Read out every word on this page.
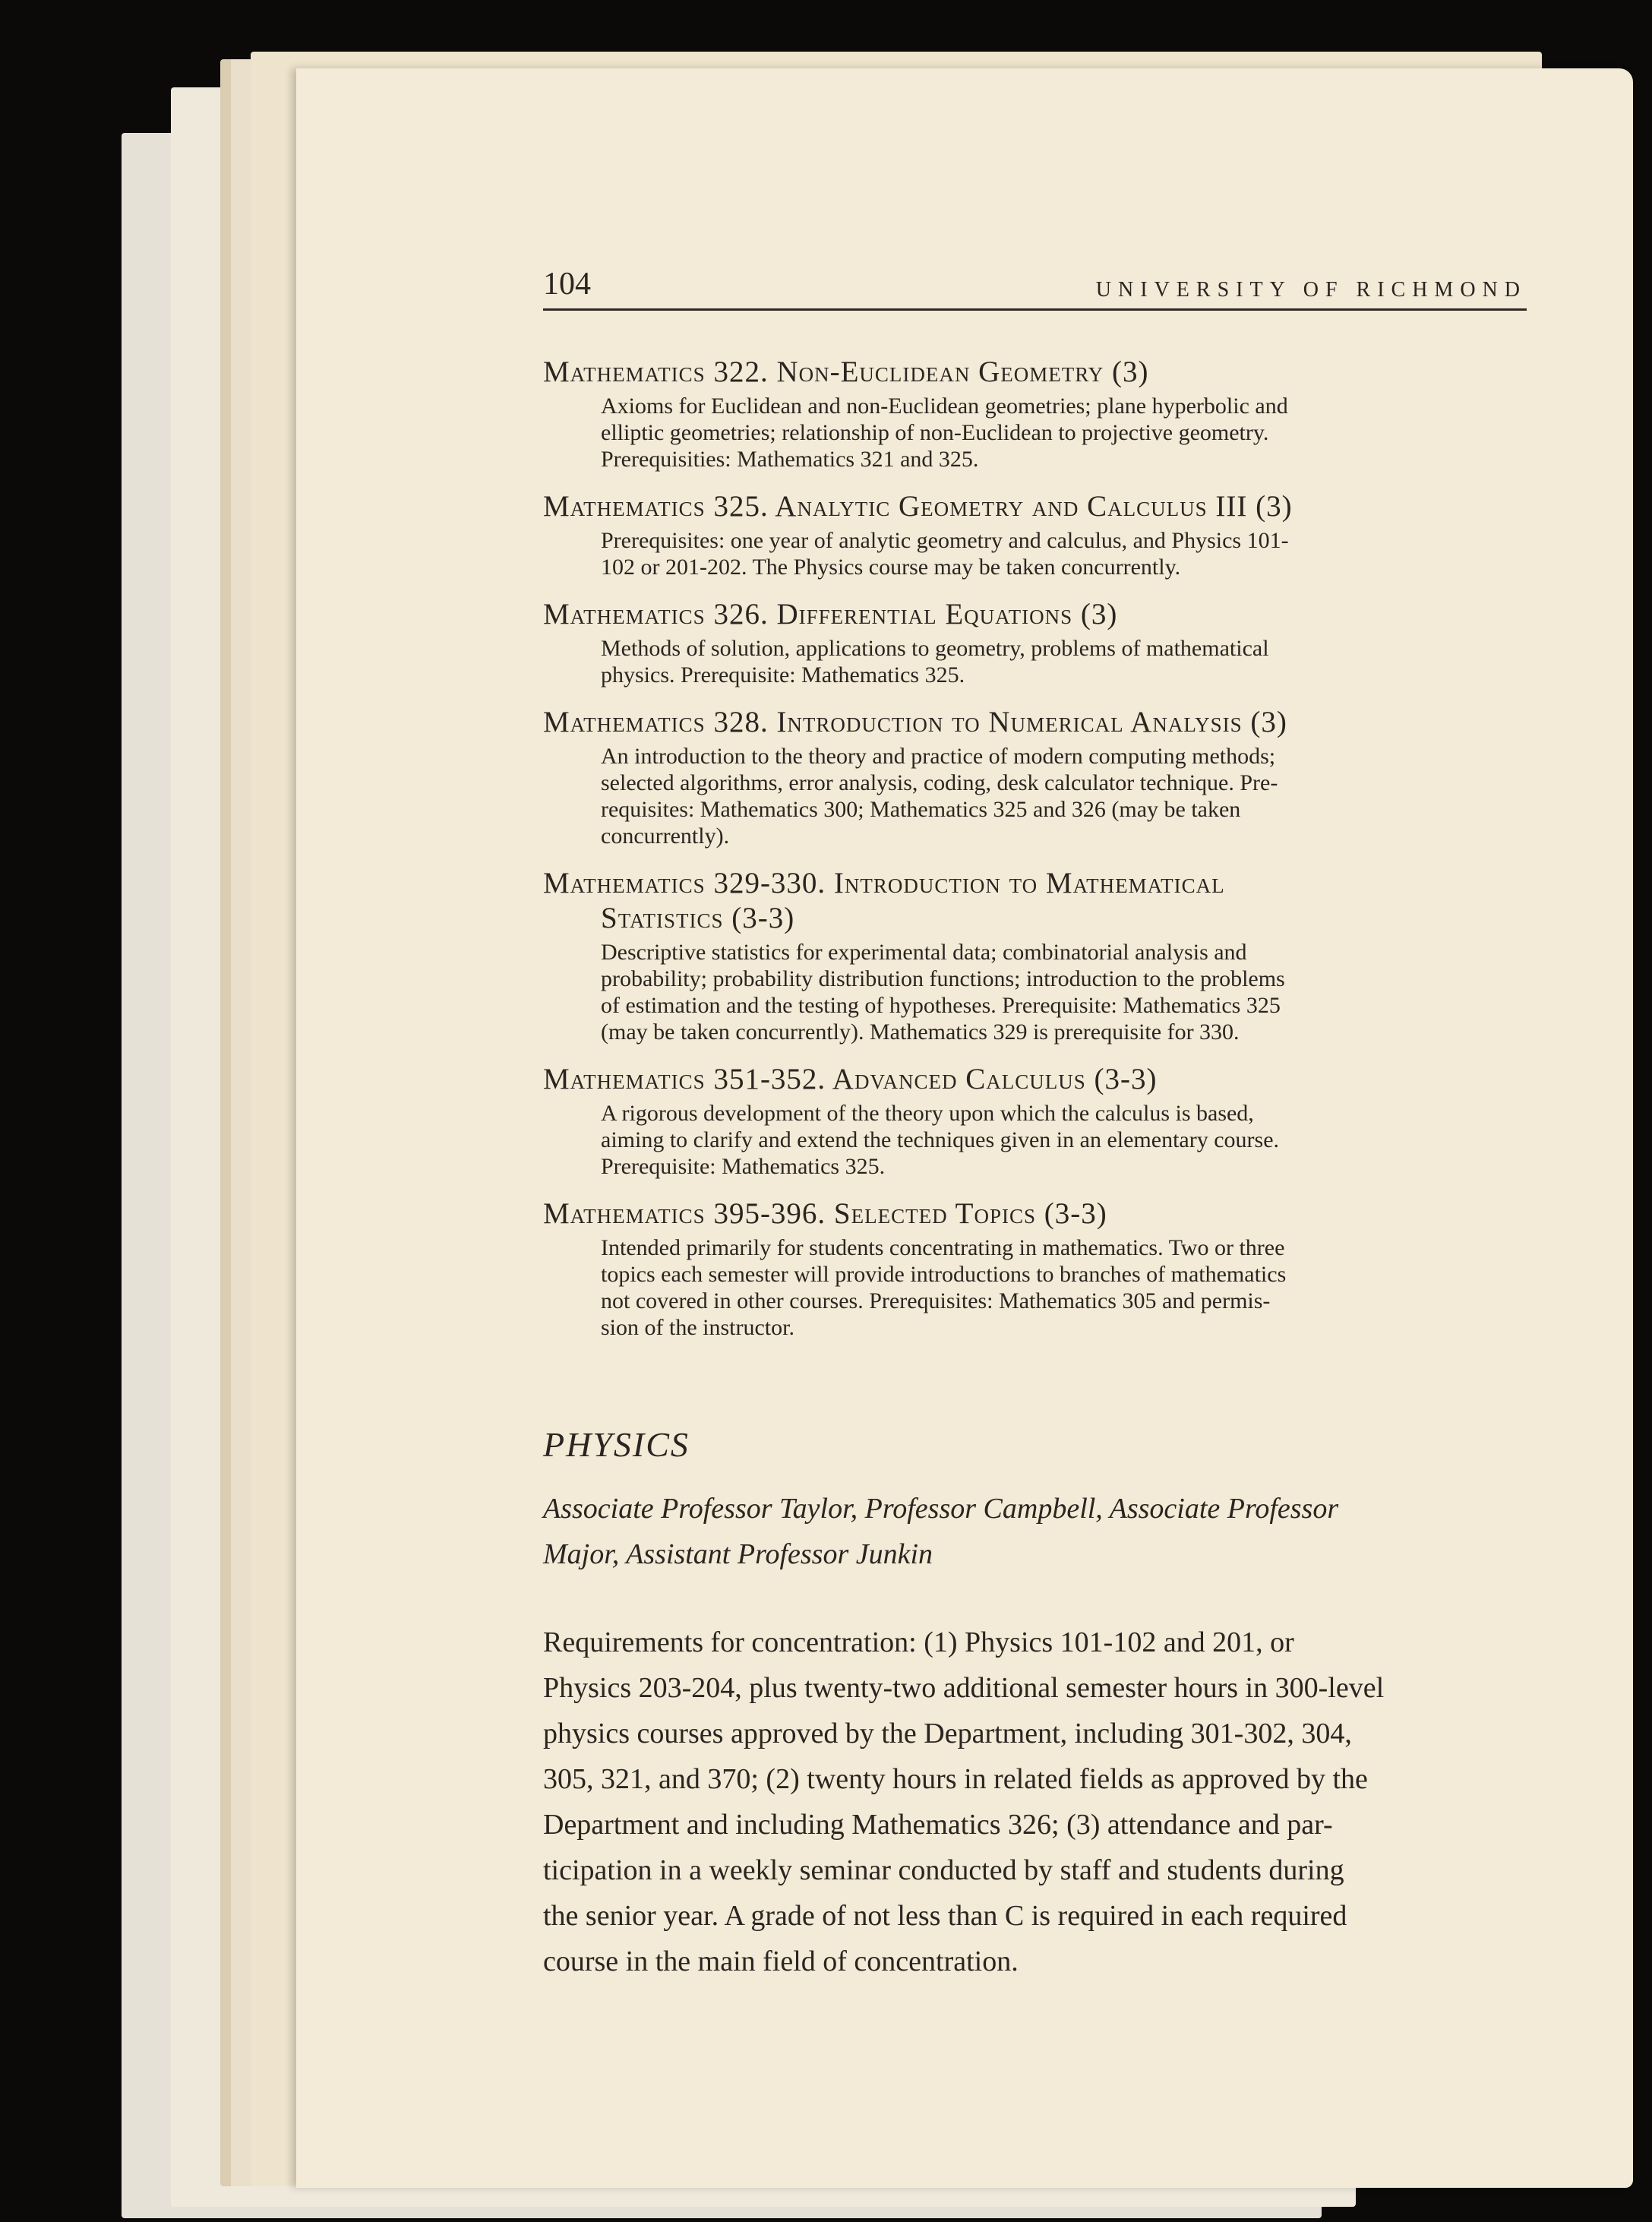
104	UNIVERSITY OF RICHMOND
Mathematics 322. Non-Euclidean Geometry (3)

Axioms for Euclidean and non-Euclidean geometries; plane hyperbolic and

elliptic geometries; relationship of non-Euclidean to projective geometry.

Prerequisities: Mathematics 321 and 325.

Mathematics 325. Analytic Geometry and Calculus III (3)

Prerequisites: one year of analytic geometry and calculus, and Physics 101-

102 or 201-202. The Physics course may be taken concurrently.

Mathematics 326. Differential Equations (3)

Methods of solution, applications to geometry, problems of mathematical

physics. Prerequisite: Mathematics 325.

Mathematics 328. Introduction to Numerical Analysis (3)

An introduction to the theory and practice of modern computing methods;

selected algorithms, error analysis, coding, desk calculator technique. Pre-

requisites: Mathematics 300; Mathematics 325 and 326 (may be taken

concurrently).

Mathematics 329-330. Introduction to Mathematical
Statistics (3-3)

Descriptive statistics for experimental data; combinatorial analysis and

probability; probability distribution functions; introduction to the problems

of estimation and the testing of hypotheses. Prerequisite: Mathematics 325

(may be taken concurrently). Mathematics 329 is prerequisite for 330.

Mathematics 351-352. Advanced Calculus (3-3)

A rigorous development of the theory upon which the calculus is based,

aiming to clarify and extend the techniques given in an elementary course.

Prerequisite: Mathematics 325.

Mathematics 395-396. Selected Topics (3-3)

Intended primarily for students concentrating in mathematics. Two or three

topics each semester will provide introductions to branches of mathematics

not covered in other courses. Prerequisites: Mathematics 305 and permis-

sion of the instructor.

PHYSICS
Associate Professor Taylor, Professor Campbell, Associate Professor
Major, Assistant Professor Junkin

Requirements for concentration: (1) Physics 101-102 and 201, or

Physics 203-204, plus twenty-two additional semester hours in 300-level

physics courses approved by the Department, including 301-302, 304,

305, 321, and 370; (2) twenty hours in related fields as approved by the

Department and including Mathematics 326; (3) attendance and par-

ticipation in a weekly seminar conducted by staff and students during

the senior year. A grade of not less than C is required in each required

course in the main field of concentration.
